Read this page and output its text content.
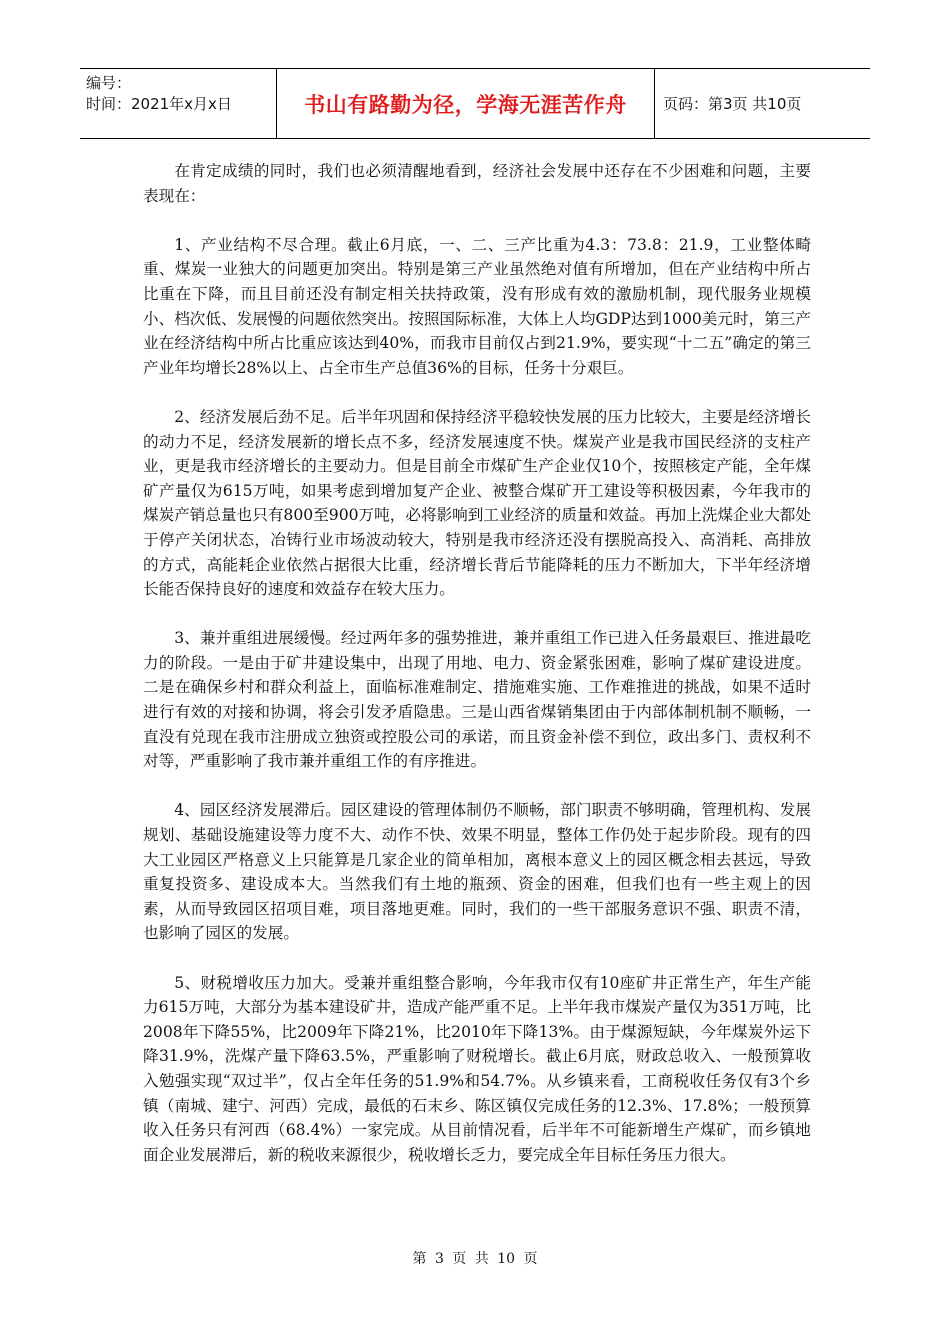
编号：
时间：2021年x月x日	书山有路勤为径，学海无涯苦作舟	页码：第3页 共10页

在肯定成绩的同时，我们也必须清醒地看到，经济社会发展中还存在不少困难和问题，主要表现在：

1、产业结构不尽合理。截止6月底，一、二、三产比重为4.3：73.8：21.9，工业整体畸重、煤炭一业独大的问题更加突出。特别是第三产业虽然绝对值有所增加，但在产业结构中所占比重在下降，而且目前还没有制定相关扶持政策，没有形成有效的激励机制，现代服务业规模小、档次低、发展慢的问题依然突出。按照国际标准，大体上人均GDP达到1000美元时，第三产业在经济结构中所占比重应该达到40%，而我市目前仅占到21.9%，要实现“十二五”确定的第三产业年均增长28%以上、占全市生产总值36%的目标，任务十分艰巨。

2、经济发展后劲不足。后半年巩固和保持经济平稳较快发展的压力比较大，主要是经济增长的动力不足，经济发展新的增长点不多，经济发展速度不快。煤炭产业是我市国民经济的支柱产业，更是我市经济增长的主要动力。但是目前全市煤矿生产企业仅10个，按照核定产能，全年煤矿产量仅为615万吨，如果考虑到增加复产企业、被整合煤矿开工建设等积极因素，今年我市的煤炭产销总量也只有800至900万吨，必将影响到工业经济的质量和效益。再加上洗煤企业大都处于停产关闭状态，冶铸行业市场波动较大，特别是我市经济还没有摆脱高投入、高消耗、高排放的方式，高能耗企业依然占据很大比重，经济增长背后节能降耗的压力不断加大，下半年经济增长能否保持良好的速度和效益存在较大压力。

3、兼并重组进展缓慢。经过两年多的强势推进，兼并重组工作已进入任务最艰巨、推进最吃力的阶段。一是由于矿井建设集中，出现了用地、电力、资金紧张困难，影响了煤矿建设进度。二是在确保乡村和群众利益上，面临标准难制定、措施难实施、工作难推进的挑战，如果不适时进行有效的对接和协调，将会引发矛盾隐患。三是山西省煤销集团由于内部体制机制不顺畅，一直没有兑现在我市注册成立独资或控股公司的承诺，而且资金补偿不到位，政出多门、责权利不对等，严重影响了我市兼并重组工作的有序推进。

4、园区经济发展滞后。园区建设的管理体制仍不顺畅，部门职责不够明确，管理机构、发展规划、基础设施建设等力度不大、动作不快、效果不明显，整体工作仍处于起步阶段。现有的四大工业园区严格意义上只能算是几家企业的简单相加，离根本意义上的园区概念相去甚远，导致重复投资多、建设成本大。当然我们有土地的瓶颈、资金的困难，但我们也有一些主观上的因素，从而导致园区招项目难，项目落地更难。同时，我们的一些干部服务意识不强、职责不清，也影响了园区的发展。

5、财税增收压力加大。受兼并重组整合影响，今年我市仅有10座矿井正常生产，年生产能力615万吨，大部分为基本建设矿井，造成产能严重不足。上半年我市煤炭产量仅为351万吨，比2008年下降55%，比2009年下降21%，比2010年下降13%。由于煤源短缺，今年煤炭外运下降31.9%，洗煤产量下降63.5%，严重影响了财税增长。截止6月底，财政总收入、一般预算收入勉强实现“双过半”，仅占全年任务的51.9%和54.7%。从乡镇来看，工商税收任务仅有3个乡镇（南城、建宁、河西）完成，最低的石末乡、陈区镇仅完成任务的12.3%、17.8%；一般预算收入任务只有河西（68.4%）一家完成。从目前情况看，后半年不可能新增生产煤矿，而乡镇地面企业发展滞后，新的税收来源很少，税收增长乏力，要完成全年目标任务压力很大。

第 3 页 共 10 页
